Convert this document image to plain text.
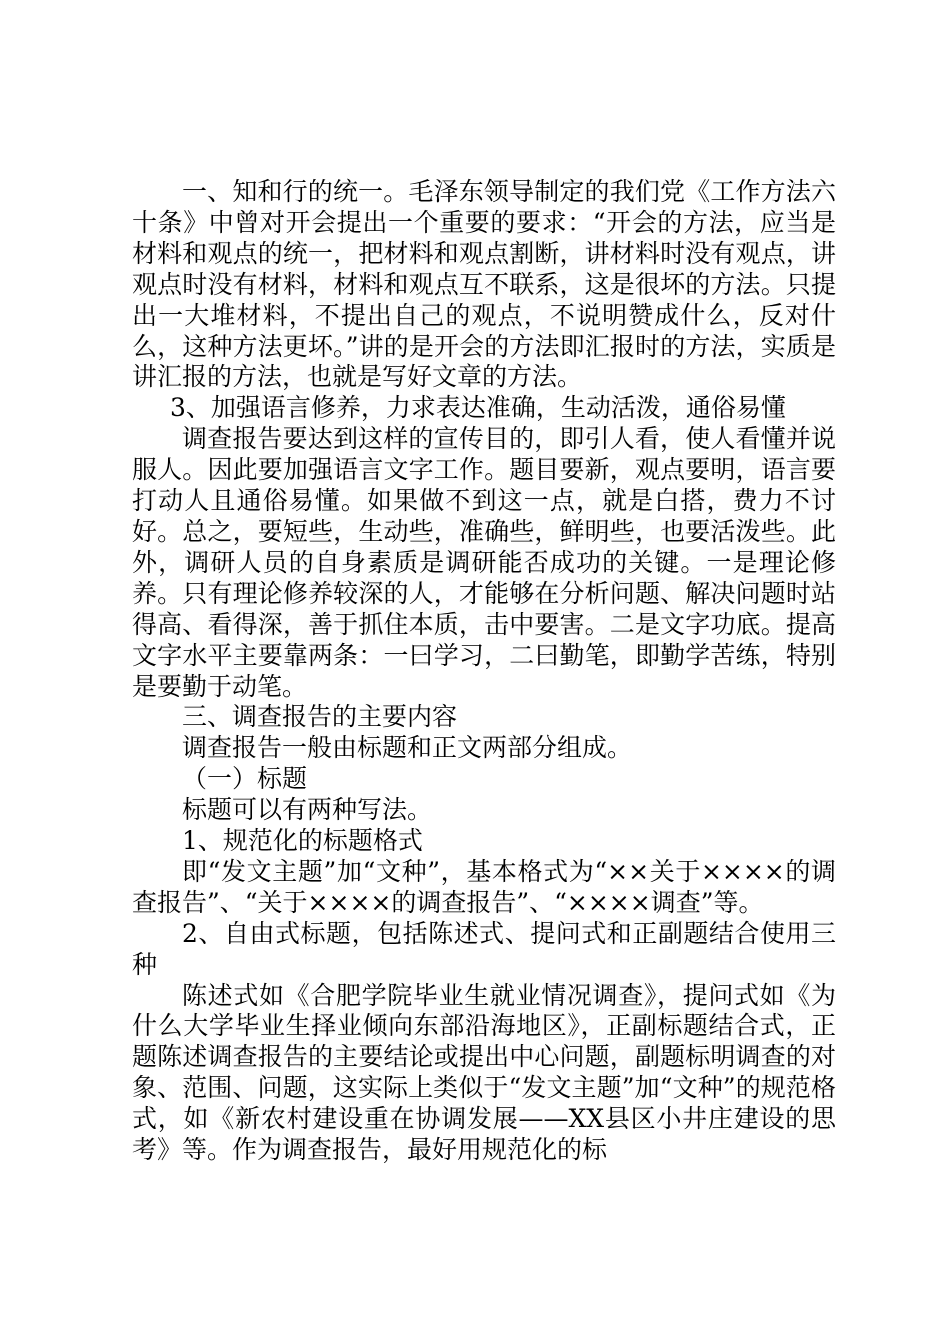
一、知和行的统一。毛泽东领导制定的我们党《工作方法六十条》中曾对开会提出一个重要的要求：“开会的方法，应当是材料和观点的统一，把材料和观点割断，讲材料时没有观点，讲观点时没有材料，材料和观点互不联系，这是很坏的方法。只提出一大堆材料，不提出自己的观点，不说明赞成什么，反对什么，这种方法更坏。”讲的是开会的方法即汇报时的方法，实质是讲汇报的方法，也就是写好文章的方法。

3、加强语言修养，力求表达准确，生动活泼，通俗易懂

调查报告要达到这样的宣传目的，即引人看，使人看懂并说服人。因此要加强语言文字工作。题目要新，观点要明，语言要打动人且通俗易懂。如果做不到这一点，就是白搭，费力不讨好。总之，要短些，生动些，准确些，鲜明些，也要活泼些。此外，调研人员的自身素质是调研能否成功的关键。一是理论修养。只有理论修养较深的人，才能够在分析问题、解决问题时站得高、看得深，善于抓住本质，击中要害。二是文字功底。提高文字水平主要靠两条：一曰学习，二曰勤笔，即勤学苦练，特别是要勤于动笔。

三、调查报告的主要内容

调查报告一般由标题和正文两部分组成。

（一）标题

标题可以有两种写法。

1、规范化的标题格式

即“发文主题”加“文种”，基本格式为“××关于××××的调查报告”、“关于××××的调查报告”、“××××调查”等。

2、自由式标题，包括陈述式、提问式和正副题结合使用三种

陈述式如《合肥学院毕业生就业情况调查》，提问式如《为什么大学毕业生择业倾向东部沿海地区》，正副标题结合式，正题陈述调查报告的主要结论或提出中心问题，副题标明调查的对象、范围、问题，这实际上类似于“发文主题”加“文种”的规范格式，如《新农村建设重在协调发展——XX县区小井庄建设的思考》等。作为调查报告，最好用规范化的标
